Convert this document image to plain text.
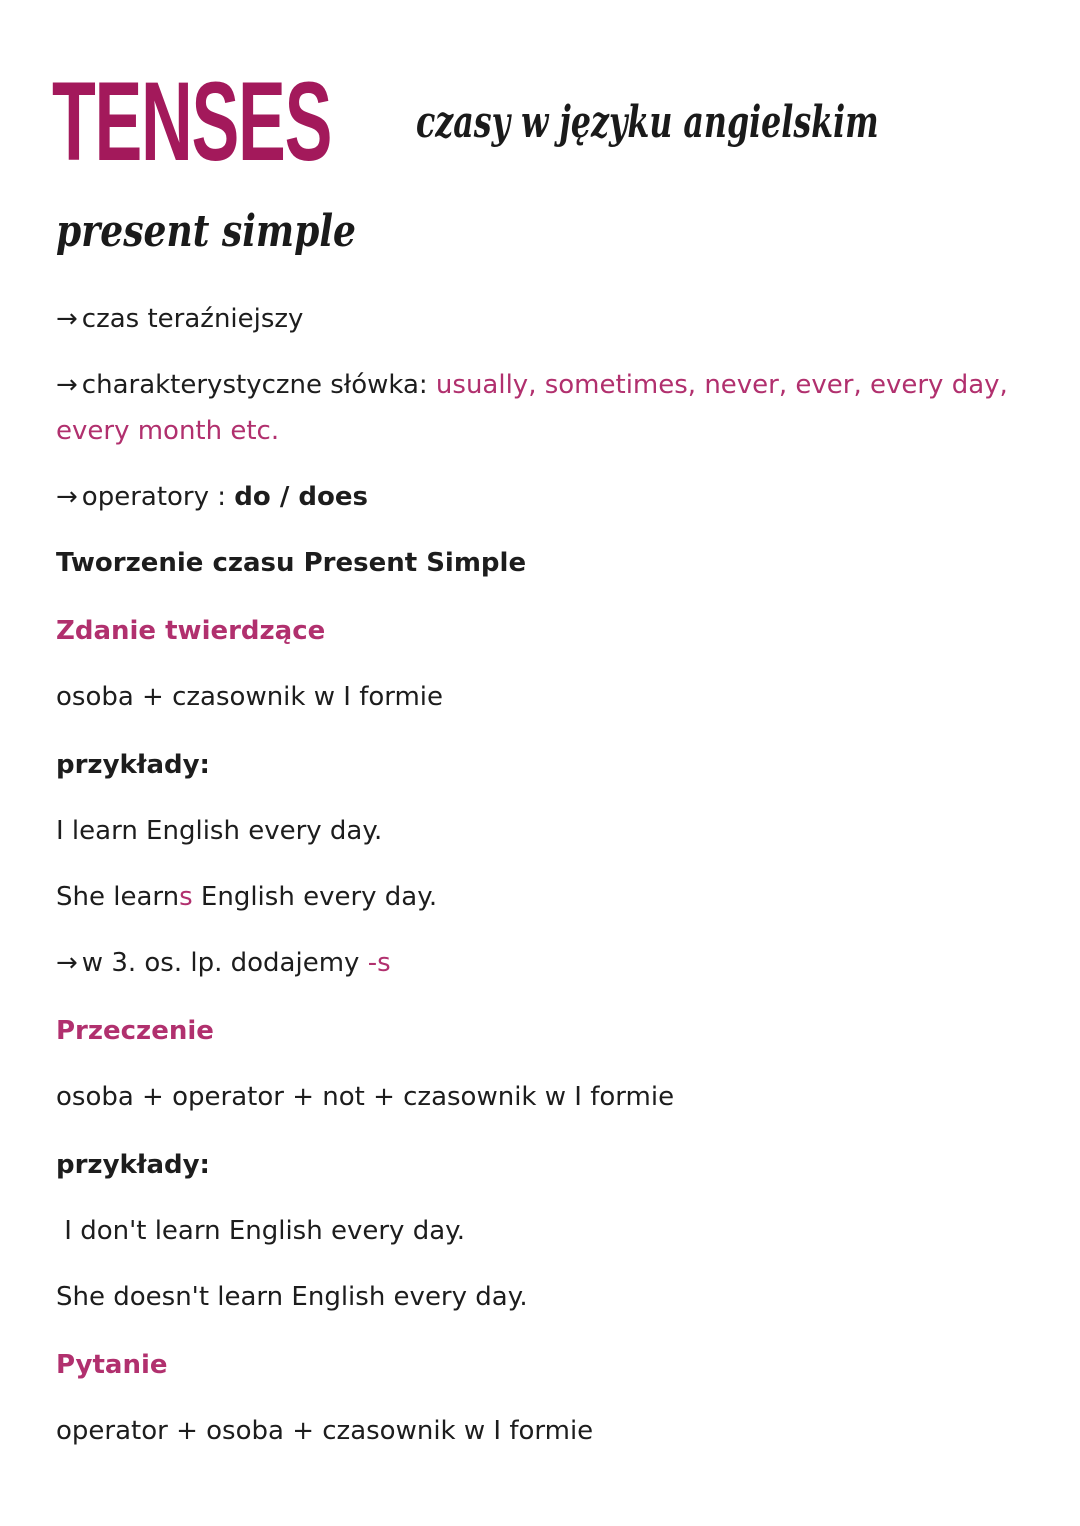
TENSES czasy w języku angielskim
present simple
→ czas teraźniejszy
→ charakterystyczne słówka: usually, sometimes, never, ever, every day,
every month etc.
→ operatory : do / does
Tworzenie czasu Present Simple
Zdanie twierdzące
osoba + czasownik w I formie
przykłady:
I learn English every day.
She learns English every day.
→ w 3. os. lp. dodajemy -s
Przeczenie
osoba + operator + not + czasownik w I formie
przykłady:
I don't learn English every day.
She doesn't learn English every day.
Pytanie
operator + osoba + czasownik w I formie
